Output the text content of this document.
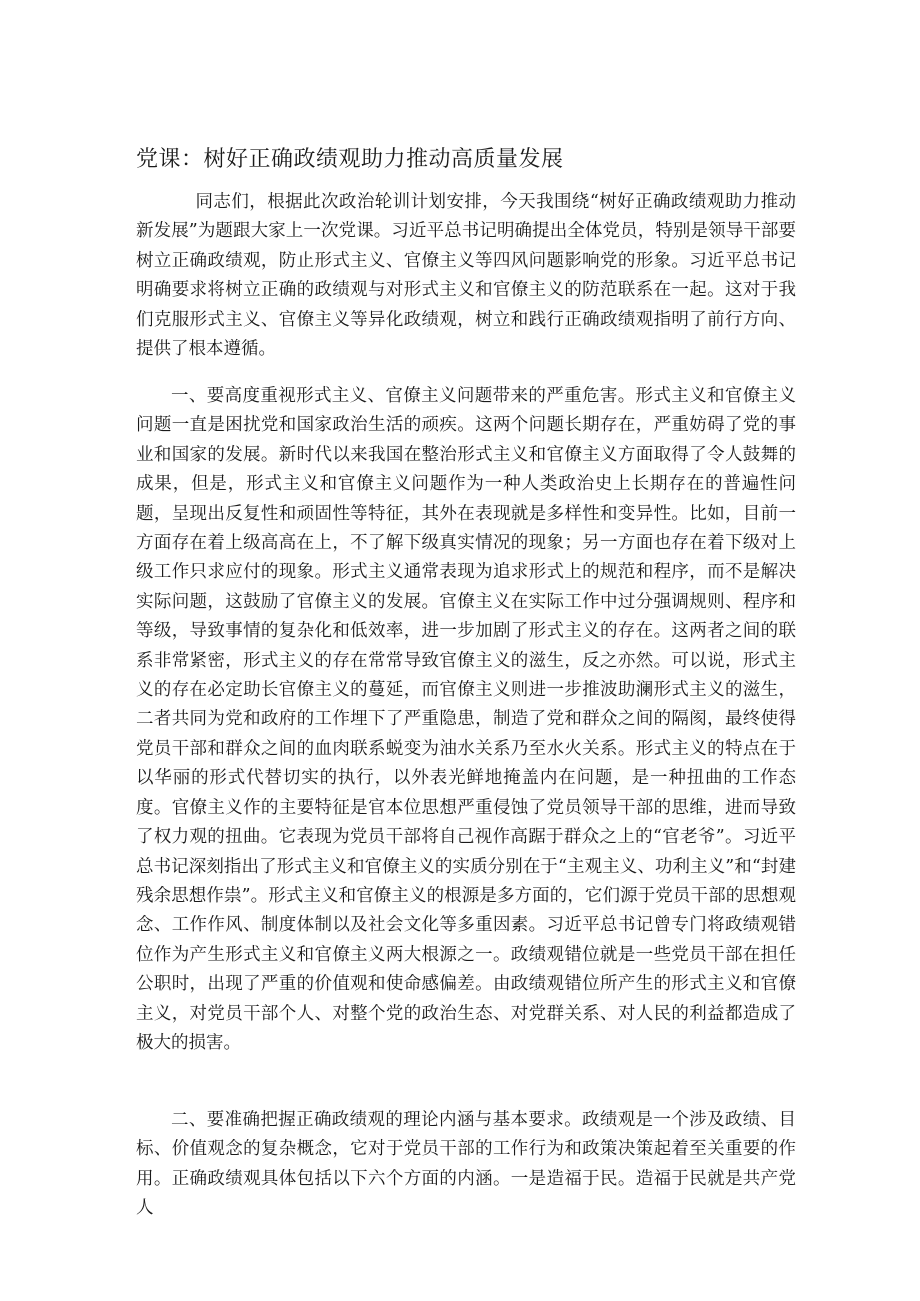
党课：树好正确政绩观助力推动高质量发展

同志们，根据此次政治轮训计划安排，今天我围绕“树好正确政绩观助力推动新发展”为题跟大家上一次党课。习近平总书记明确提出全体党员，特别是领导干部要树立正确政绩观，防止形式主义、官僚主义等四风问题影响党的形象。习近平总书记明确要求将树立正确的政绩观与对形式主义和官僚主义的防范联系在一起。这对于我们克服形式主义、官僚主义等异化政绩观，树立和践行正确政绩观指明了前行方向、提供了根本遵循。

一、要高度重视形式主义、官僚主义问题带来的严重危害。形式主义和官僚主义问题一直是困扰党和国家政治生活的顽疾。这两个问题长期存在，严重妨碍了党的事业和国家的发展。新时代以来我国在整治形式主义和官僚主义方面取得了令人鼓舞的成果，但是，形式主义和官僚主义问题作为一种人类政治史上长期存在的普遍性问题，呈现出反复性和顽固性等特征，其外在表现就是多样性和变异性。比如，目前一方面存在着上级高高在上，不了解下级真实情况的现象；另一方面也存在着下级对上级工作只求应付的现象。形式主义通常表现为追求形式上的规范和程序，而不是解决实际问题，这鼓励了官僚主义的发展。官僚主义在实际工作中过分强调规则、程序和等级，导致事情的复杂化和低效率，进一步加剧了形式主义的存在。这两者之间的联系非常紧密，形式主义的存在常常导致官僚主义的滋生，反之亦然。可以说，形式主义的存在必定助长官僚主义的蔓延，而官僚主义则进一步推波助澜形式主义的滋生，二者共同为党和政府的工作埋下了严重隐患，制造了党和群众之间的隔阂，最终使得党员干部和群众之间的血肉联系蜕变为油水关系乃至水火关系。形式主义的特点在于以华丽的形式代替切实的执行，以外表光鲜地掩盖内在问题，是一种扭曲的工作态度。官僚主义作的主要特征是官本位思想严重侵蚀了党员领导干部的思维，进而导致了权力观的扭曲。它表现为党员干部将自己视作高踞于群众之上的“官老爷”。习近平总书记深刻指出了形式主义和官僚主义的实质分别在于“主观主义、功利主义”和“封建残余思想作祟”。形式主义和官僚主义的根源是多方面的，它们源于党员干部的思想观念、工作作风、制度体制以及社会文化等多重因素。习近平总书记曾专门将政绩观错位作为产生形式主义和官僚主义两大根源之一。政绩观错位就是一些党员干部在担任公职时，出现了严重的价值观和使命感偏差。由政绩观错位所产生的形式主义和官僚主义，对党员干部个人、对整个党的政治生态、对党群关系、对人民的利益都造成了极大的损害。

二、要准确把握正确政绩观的理论内涵与基本要求。政绩观是一个涉及政绩、目标、价值观念的复杂概念，它对于党员干部的工作行为和政策决策起着至关重要的作用。正确政绩观具体包括以下六个方面的内涵。一是造福于民。造福于民就是共产党人
